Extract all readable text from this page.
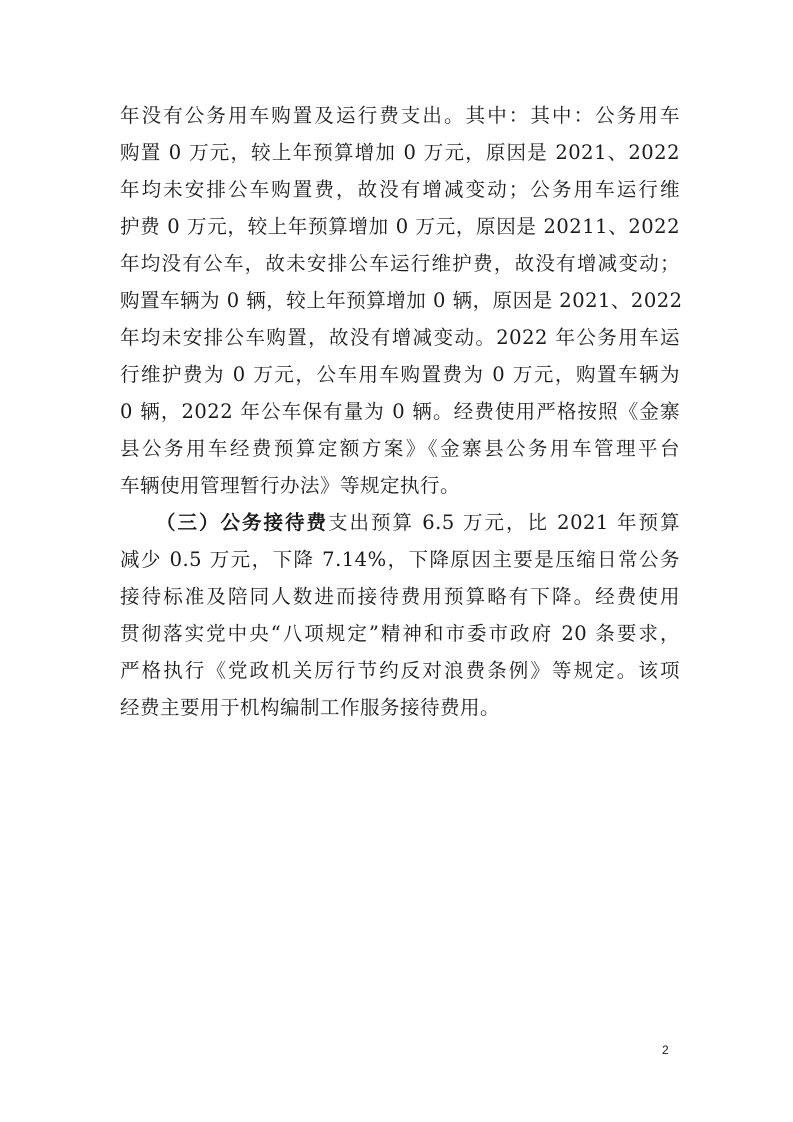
年没有公务用车购置及运行费支出。其中：其中：公务用车
购置 0 万元，较上年预算增加 0 万元，原因是 2021、2022
年均未安排公车购置费，故没有增减变动；公务用车运行维
护费 0 万元，较上年预算增加 0 万元，原因是 20211、2022
年均没有公车，故未安排公车运行维护费，故没有增减变动；
购置车辆为 0 辆，较上年预算增加 0 辆，原因是 2021、2022
年均未安排公车购置，故没有增减变动。2022 年公务用车运
行维护费为 0 万元，公车用车购置费为 0 万元，购置车辆为
0 辆，2022 年公车保有量为 0 辆。经费使用严格按照《金寨
县公务用车经费预算定额方案》《金寨县公务用车管理平台
车辆使用管理暂行办法》等规定执行。
（三）公务接待费支出预算 6.5 万元，比 2021 年预算
减少 0.5 万元，下降 7.14%，下降原因主要是压缩日常公务
接待标准及陪同人数进而接待费用预算略有下降。经费使用
贯彻落实党中央“八项规定”精神和市委市政府 20 条要求，
严格执行《党政机关厉行节约反对浪费条例》等规定。该项
经费主要用于机构编制工作服务接待费用。
2
